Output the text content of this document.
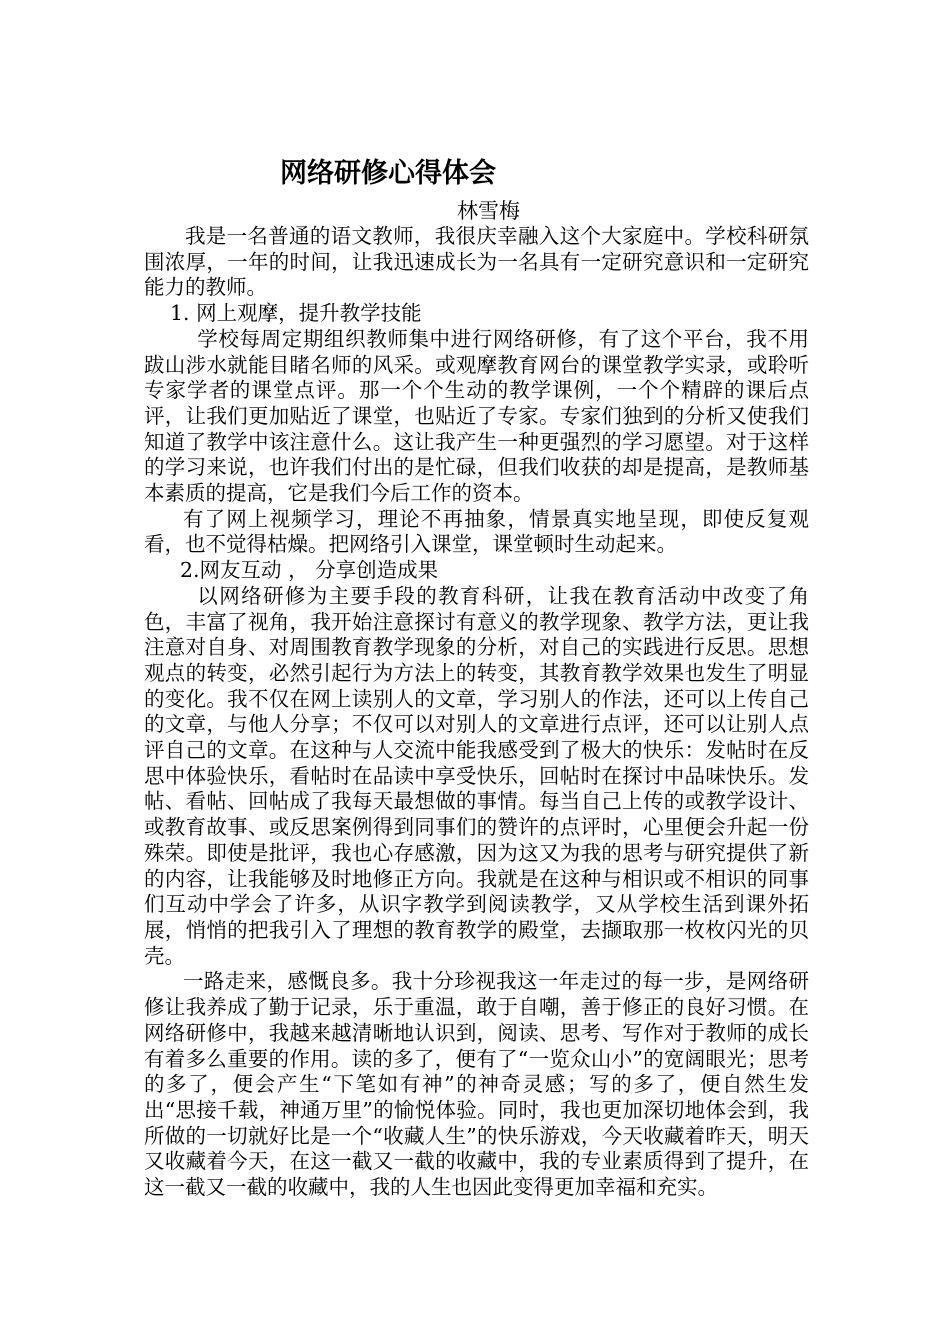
网络研修心得体会

林雪梅

我是一名普通的语文教师，我很庆幸融入这个大家庭中。学校科研氛围浓厚，一年的时间，让我迅速成长为一名具有一定研究意识和一定研究能力的教师。

1. 网上观摩，提升教学技能

学校每周定期组织教师集中进行网络研修，有了这个平台，我不用跋山涉水就能目睹名师的风采。或观摩教育网台的课堂教学实录，或聆听专家学者的课堂点评。那一个个生动的教学课例，一个个精辟的课后点评，让我们更加贴近了课堂，也贴近了专家。专家们独到的分析又使我们知道了教学中该注意什么。这让我产生一种更强烈的学习愿望。对于这样的学习来说，也许我们付出的是忙碌，但我们收获的却是提高，是教师基本素质的提高，它是我们今后工作的资本。

有了网上视频学习，理论不再抽象，情景真实地呈现，即使反复观看，也不觉得枯燥。把网络引入课堂，课堂顿时生动起来。

2.网友互动 ， 分享创造成果

以网络研修为主要手段的教育科研，让我在教育活动中改变了角色，丰富了视角，我开始注意探讨有意义的教学现象、教学方法，更让我注意对自身、对周围教育教学现象的分析，对自己的实践进行反思。思想观点的转变，必然引起行为方法上的转变，其教育教学效果也发生了明显的变化。我不仅在网上读别人的文章，学习别人的作法，还可以上传自己的文章，与他人分享；不仅可以对别人的文章进行点评，还可以让别人点评自己的文章。在这种与人交流中能我感受到了极大的快乐：发帖时在反思中体验快乐，看帖时在品读中享受快乐，回帖时在探讨中品味快乐。发帖、看帖、回帖成了我每天最想做的事情。每当自己上传的或教学设计、或教育故事、或反思案例得到同事们的赞许的点评时，心里便会升起一份殊荣。即使是批评，我也心存感激，因为这又为我的思考与研究提供了新的内容，让我能够及时地修正方向。我就是在这种与相识或不相识的同事们互动中学会了许多，从识字教学到阅读教学，又从学校生活到课外拓展，悄悄的把我引入了理想的教育教学的殿堂，去撷取那一枚枚闪光的贝壳。

一路走来，感慨良多。我十分珍视我这一年走过的每一步，是网络研修让我养成了勤于记录，乐于重温，敢于自嘲，善于修正的良好习惯。在网络研修中，我越来越清晰地认识到，阅读、思考、写作对于教师的成长有着多么重要的作用。读的多了，便有了“一览众山小”的宽阔眼光；思考的多了，便会产生“下笔如有神”的神奇灵感；写的多了，便自然生发出“思接千载，神通万里”的愉悦体验。同时，我也更加深切地体会到，我所做的一切就好比是一个“收藏人生”的快乐游戏，今天收藏着昨天，明天又收藏着今天，在这一截又一截的收藏中，我的专业素质得到了提升，在这一截又一截的收藏中，我的人生也因此变得更加幸福和充实。
